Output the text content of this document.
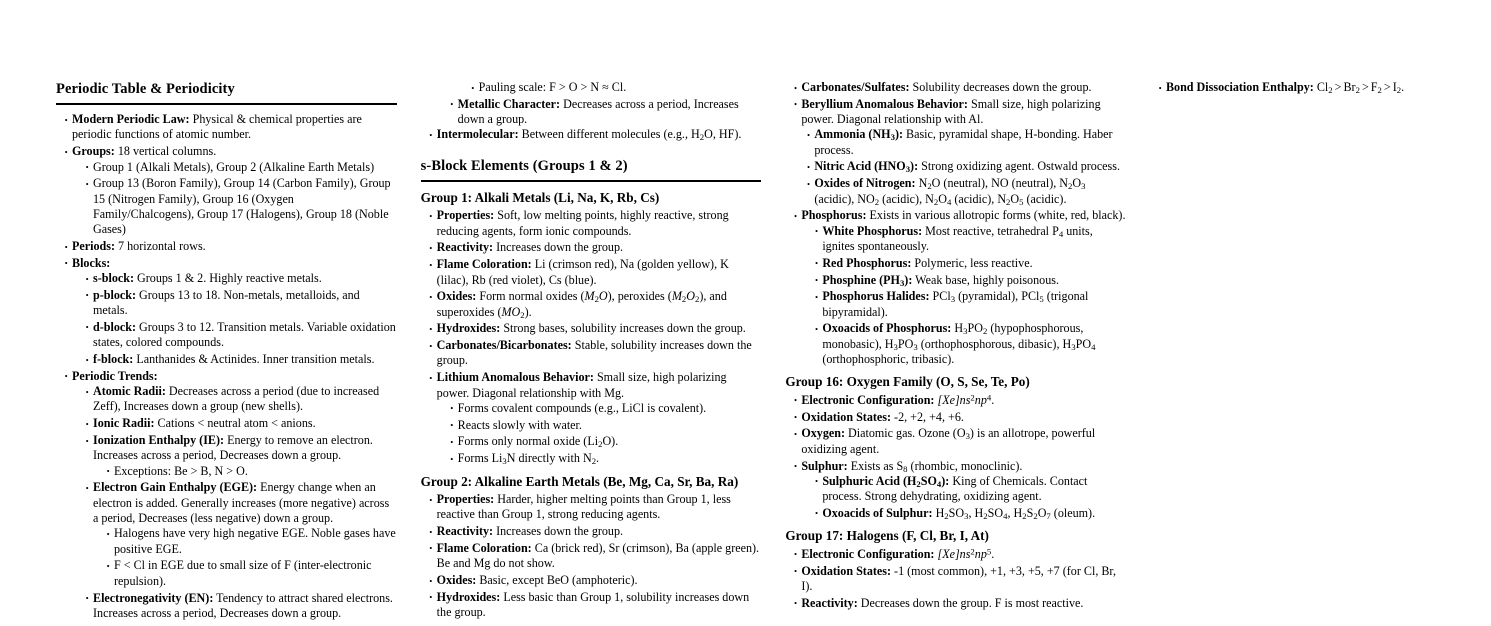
Periodic Table & Periodicity
· Modern Periodic Law: Physical & chemical properties are periodic functions of atomic number.
· Groups: 18 vertical columns.
· Group 1 (Alkali Metals), Group 2 (Alkaline Earth Metals)
· Group 13 (Boron Family), Group 14 (Carbon Family), Group 15 (Nitrogen Family), Group 16 (Oxygen Family/Chalcogens), Group 17 (Halogens), Group 18 (Noble Gases)
· Periods: 7 horizontal rows.
· Blocks:
· s-block: Groups 1 & 2. Highly reactive metals.
· p-block: Groups 13 to 18. Non-metals, metalloids, and metals.
· d-block: Groups 3 to 12. Transition metals. Variable oxidation states, colored compounds.
· f-block: Lanthanides & Actinides. Inner transition metals.
· Periodic Trends:
· Atomic Radii: Decreases across a period (due to increased Zeff), Increases down a group (new shells).
· Ionic Radii: Cations < neutral atom < anions.
· Ionization Enthalpy (IE): Energy to remove an electron. Increases across a period, Decreases down a group.
· Exceptions: Be > B, N > O.
· Electron Gain Enthalpy (EGE): Energy change when an electron is added. Generally increases (more negative) across a period, Decreases (less negative) down a group.
· Halogens have very high negative EGE. Noble gases have positive EGE.
· F < Cl in EGE due to small size of F (inter-electronic repulsion).
· Electronegativity (EN): Tendency to attract shared electrons. Increases across a period, Decreases down a group.
· Pauling scale: F > O > N ≈ Cl.
· Metallic Character: Decreases across a period, Increases down a group.
· Intermolecular: Between different molecules (e.g., $H_2O$, HF).
s-Block Elements (Groups 1 & 2)
Group 1: Alkali Metals (Li, Na, K, Rb, Cs)
· Properties: Soft, low melting points, highly reactive, strong reducing agents, form ionic compounds.
· Reactivity: Increases down the group.
· Flame Coloration: Li (crimson red), Na (golden yellow), K (lilac), Rb (red violet), Cs (blue).
· Oxides: Form normal oxides $(M_2O)$, peroxides $(M_2O_2)$, and superoxides $(MO_2)$.
· Hydroxides: Strong bases, solubility increases down the group.
· Carbonates/Bicarbonates: Stable, solubility increases down the group.
· Lithium Anomalous Behavior: Small size, high polarizing power. Diagonal relationship with Mg.
· Forms covalent compounds (e.g., LiCl is covalent).
· Reacts slowly with water.
· Forms only normal oxide $(Li_2O)$.
· Forms $Li_3N$ directly with $N_2$.
Group 2: Alkaline Earth Metals (Be, Mg, Ca, Sr, Ba, Ra)
· Properties: Harder, higher melting points than Group 1, less reactive than Group 1, strong reducing agents.
· Reactivity: Increases down the group.
· Flame Coloration: Ca (brick red), Sr (crimson), Ba (apple green). Be and Mg do not show.
· Oxides: Basic, except BeO (amphoteric).
· Hydroxides: Less basic than Group 1, solubility increases down the group.
· Carbonates/Sulfates: Solubility decreases down the group.
· Beryllium Anomalous Behavior: Small size, high polarizing power. Diagonal relationship with Al.
· Ammonia $(NH_3)$: Basic, pyramidal shape, H-bonding. Haber process.
· Nitric Acid $(HNO_3)$: Strong oxidizing agent. Ostwald process.
· Oxides of Nitrogen: $N_2O$ (neutral), NO (neutral), $N_2O_3$ (acidic), $NO_2$ (acidic), $N_2O_4$ (acidic), $N_2O_5$ (acidic).
· Phosphorus: Exists in various allotropic forms (white, red, black).
· White Phosphorus: Most reactive, tetrahedral $P_4$ units, ignites spontaneously.
· Red Phosphorus: Polymeric, less reactive.
· Phosphine $(PH_3)$: Weak base, highly poisonous.
· Phosphorus Halides: PCl$_3$ (pyramidal), PCl$_5$ (trigonal bipyramidal).
· Oxoacids of Phosphorus: $H_3PO_2$ (hypophosphorous, monobasic), $H_3PO_3$ (orthophosphorous, dibasic), $H_3PO_4$ (orthophosphoric, tribasic).
Group 16: Oxygen Family (O, S, Se, Te, Po)
· Electronic Configuration: $[Xe]ns^2np^4$.
· Oxidation States: -2, +2, +4, +6.
· Oxygen: Diatomic gas. Ozone $(O_3)$ is an allotrope, powerful oxidizing agent.
· Sulphur: Exists as $S_8$ (rhombic, monoclinic).
· Sulphuric Acid $(H_2SO_4)$: King of Chemicals. Contact process. Strong dehydrating, oxidizing agent.
· Oxoacids of Sulphur: $H_2SO_3$, $H_2SO_4$, $H_2S_2O_7$ (oleum).
Group 17: Halogens (F, Cl, Br, I, At)
· Electronic Configuration: $[Xe]ns^2np^5$.
· Oxidation States: -1 (most common), +1, +3, +5, +7 (for Cl, Br, I).
· Reactivity: Decreases down the group. F is most reactive.
· Bond Dissociation Enthalpy: $Cl_2 > Br_2 > F_2 > I_2$.
